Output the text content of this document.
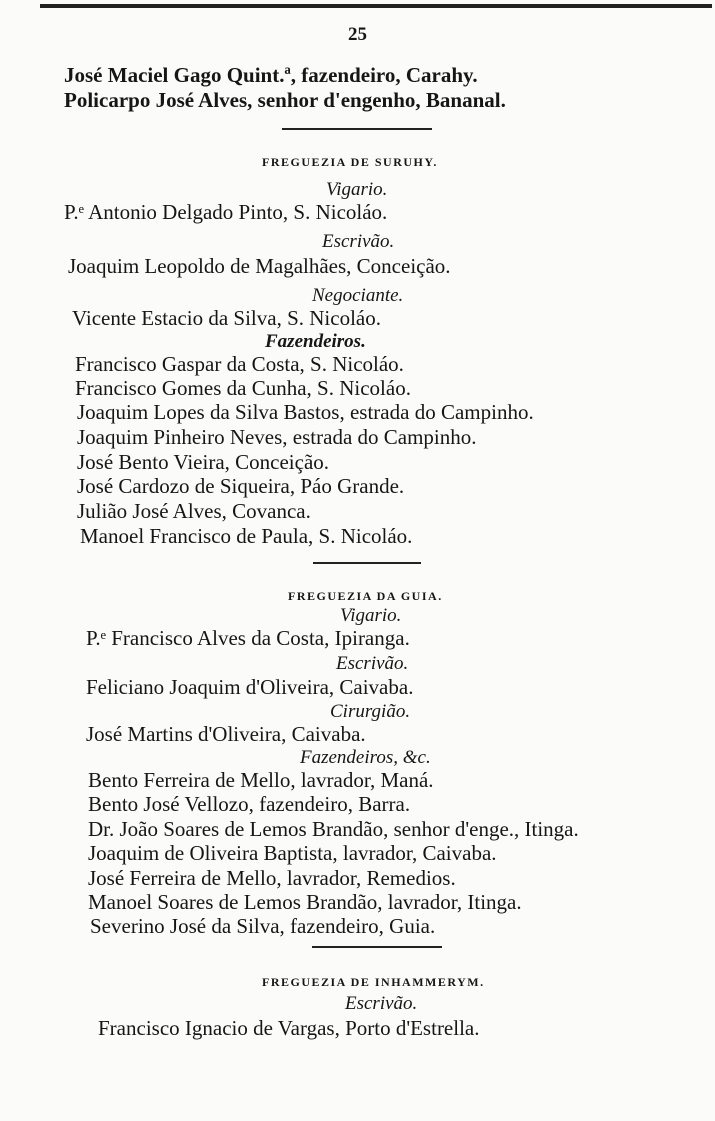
25
José Maciel Gago Quint.ª, fazendeiro, Carahy.
Policarpo José Alves, senhor d'engenho, Bananal.
FREGUEZIA DE SURUHY.
Vigario.
P.ᵉ Antonio Delgado Pinto, S. Nicoláo.
Escrivão.
Joaquim Leopoldo de Magalhães, Conceição.
Negociante.
Vicente Estacio da Silva, S. Nicoláo.
Fazendeiros.
Francisco Gaspar da Costa, S. Nicoláo.
Francisco Gomes da Cunha, S. Nicoláo.
Joaquim Lopes da Silva Bastos, estrada do Campinho.
Joaquim Pinheiro Neves, estrada do Campinho.
José Bento Vieira, Conceição.
José Cardozo de Siqueira, Páo Grande.
Julião José Alves, Covanca.
Manoel Francisco de Paula, S. Nicoláo.
FREGUEZIA DA GUIA.
Vigario.
P.ᵉ Francisco Alves da Costa, Ipiranga.
Escrivão.
Feliciano Joaquim d'Oliveira, Caivaba.
Cirurgião.
José Martins d'Oliveira, Caivaba.
Fazendeiros, &c.
Bento Ferreira de Mello, lavrador, Maná.
Bento José Vellozo, fazendeiro, Barra.
Dr. João Soares de Lemos Brandão, senhor d'enge., Itinga.
Joaquim de Oliveira Baptista, lavrador, Caivaba.
José Ferreira de Mello, lavrador, Remedios.
Manoel Soares de Lemos Brandão, lavrador, Itinga.
Severino José da Silva, fazendeiro, Guia.
FREGUEZIA DE INHAMMERYM.
Escrivão.
Francisco Ignacio de Vargas, Porto d'Estrella.
